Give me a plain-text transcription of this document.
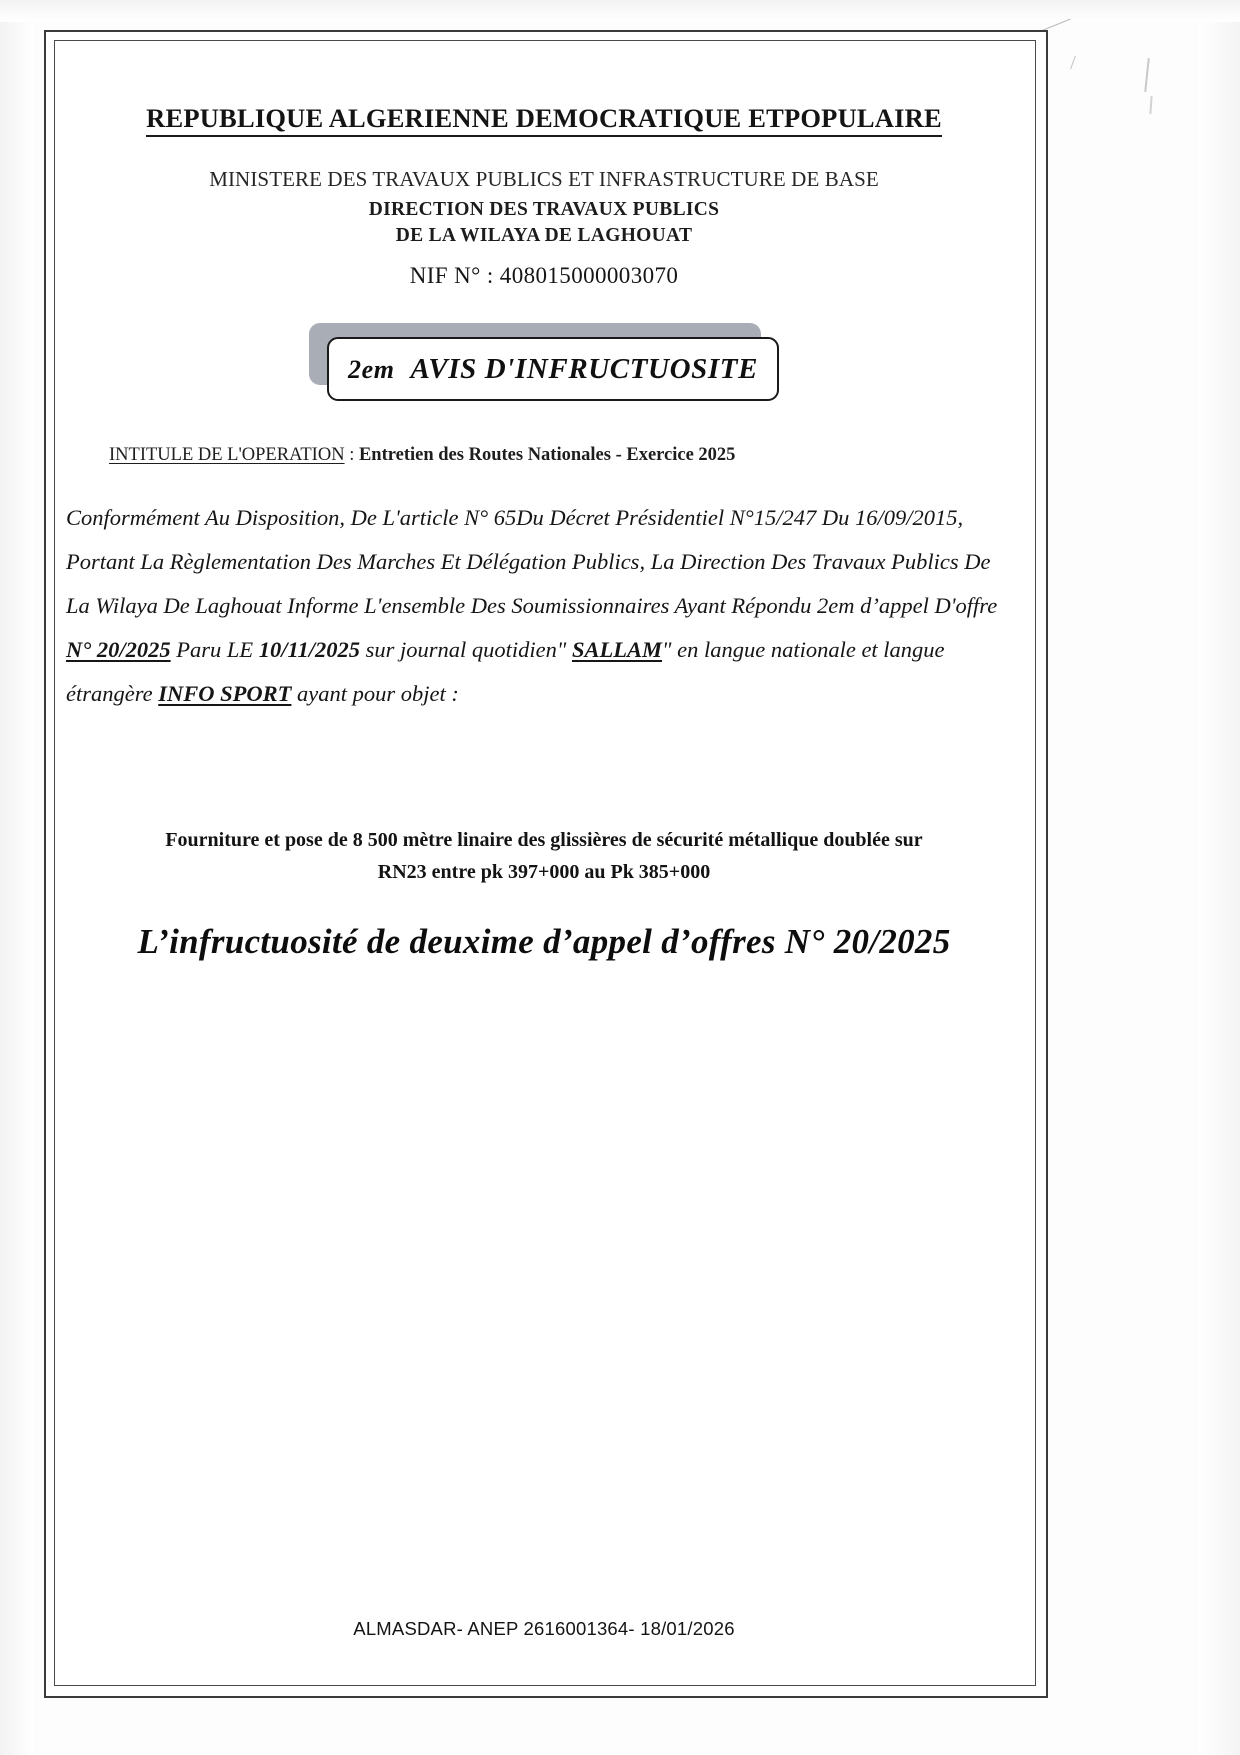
REPUBLIQUE ALGERIENNE DEMOCRATIQUE ETPOPULAIRE
MINISTERE DES TRAVAUX PUBLICS ET INFRASTRUCTURE DE BASE
DIRECTION DES TRAVAUX PUBLICS
DE LA WILAYA DE LAGHOUAT
NIF N° : 408015000003070
2em AVIS D'INFRUCTUOSITE
INTITULE DE L'OPERATION : Entretien des Routes Nationales - Exercice 2025
Conformément Au Disposition, De L'article N° 65Du Décret Présidentiel N°15/247 Du 16/09/2015, Portant La Règlementation Des Marches Et Délégation Publics, La Direction Des Travaux Publics De La Wilaya De Laghouat Informe L'ensemble Des Soumissionnaires Ayant Répondu 2em d’appel D'offre N° 20/2025 Paru LE 10/11/2025 sur journal quotidien" SALLAM" en langue nationale et langue étrangère INFO SPORT ayant pour objet :
Fourniture et pose de 8 500 mètre linaire des glissières de sécurité métallique doublée sur
RN23 entre pk 397+000 au Pk 385+000
L’infructuosité de deuxime d’appel d’offres N° 20/2025
ALMASDAR- ANEP 2616001364- 18/01/2026
